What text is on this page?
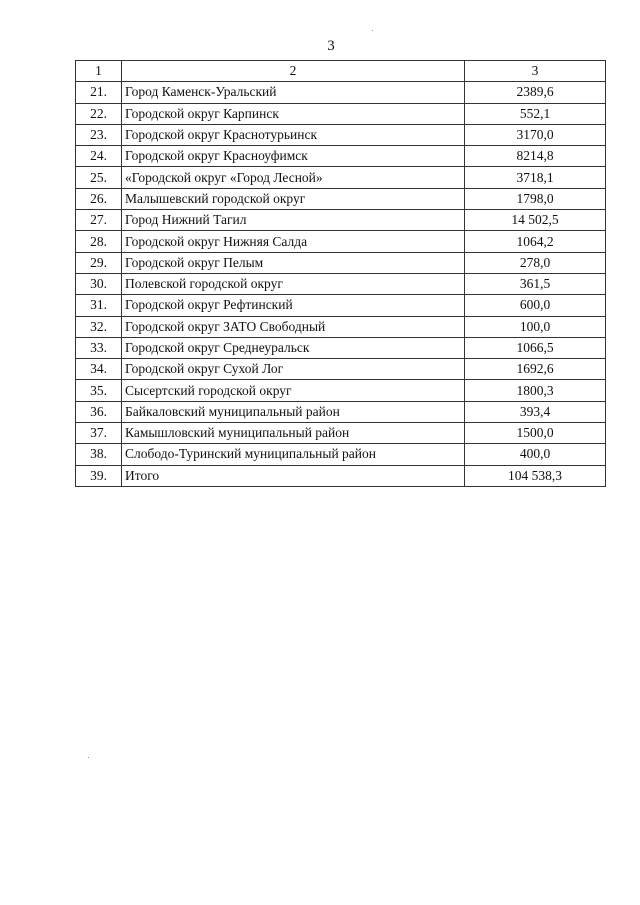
3
1	2	3
21.	Город Каменск-Уральский	2389,6
22.	Городской округ Карпинск	552,1
23.	Городской округ Краснотурьинск	3170,0
24.	Городской округ Красноуфимск	8214,8
25.	«Городской округ «Город Лесной»	3718,1
26.	Малышевский городской округ	1798,0
27.	Город Нижний Тагил	14 502,5
28.	Городской округ Нижняя Салда	1064,2
29.	Городской округ Пелым	278,0
30.	Полевской городской округ	361,5
31.	Городской округ Рефтинский	600,0
32.	Городской округ ЗАТО Свободный	100,0
33.	Городской округ Среднеуральск	1066,5
34.	Городской округ Сухой Лог	1692,6
35.	Сысертский городской округ	1800,3
36.	Байкаловский муниципальный район	393,4
37.	Камышловский муниципальный район	1500,0
38.	Слободо-Туринский муниципальный район	400,0
39.	Итого	104 538,3
